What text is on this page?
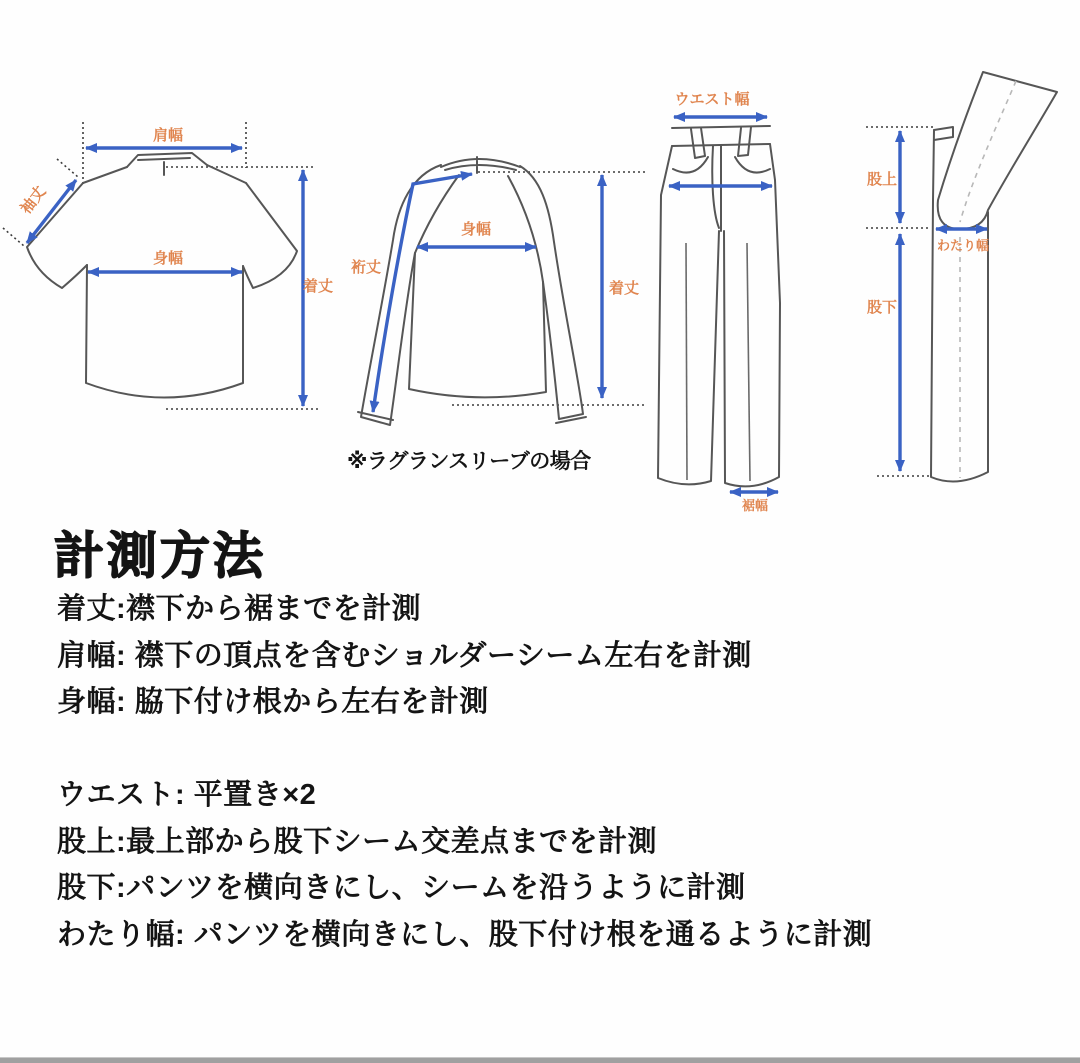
肩幅
身幅
着丈
袖丈
裄丈
身幅
着丈
※ラグランスリーブの場合
ウエスト幅
裾幅
股上
股下
わたり幅
計測方法
着丈:襟下から裾までを計測
肩幅: 襟下の頂点を含むショルダーシーム左右を計測
身幅: 脇下付け根から左右を計測
ウエスト: 平置き×2
股上:最上部から股下シーム交差点までを計測
股下:パンツを横向きにし、シームを沿うように計測
わたり幅: パンツを横向きにし、股下付け根を通るように計測
